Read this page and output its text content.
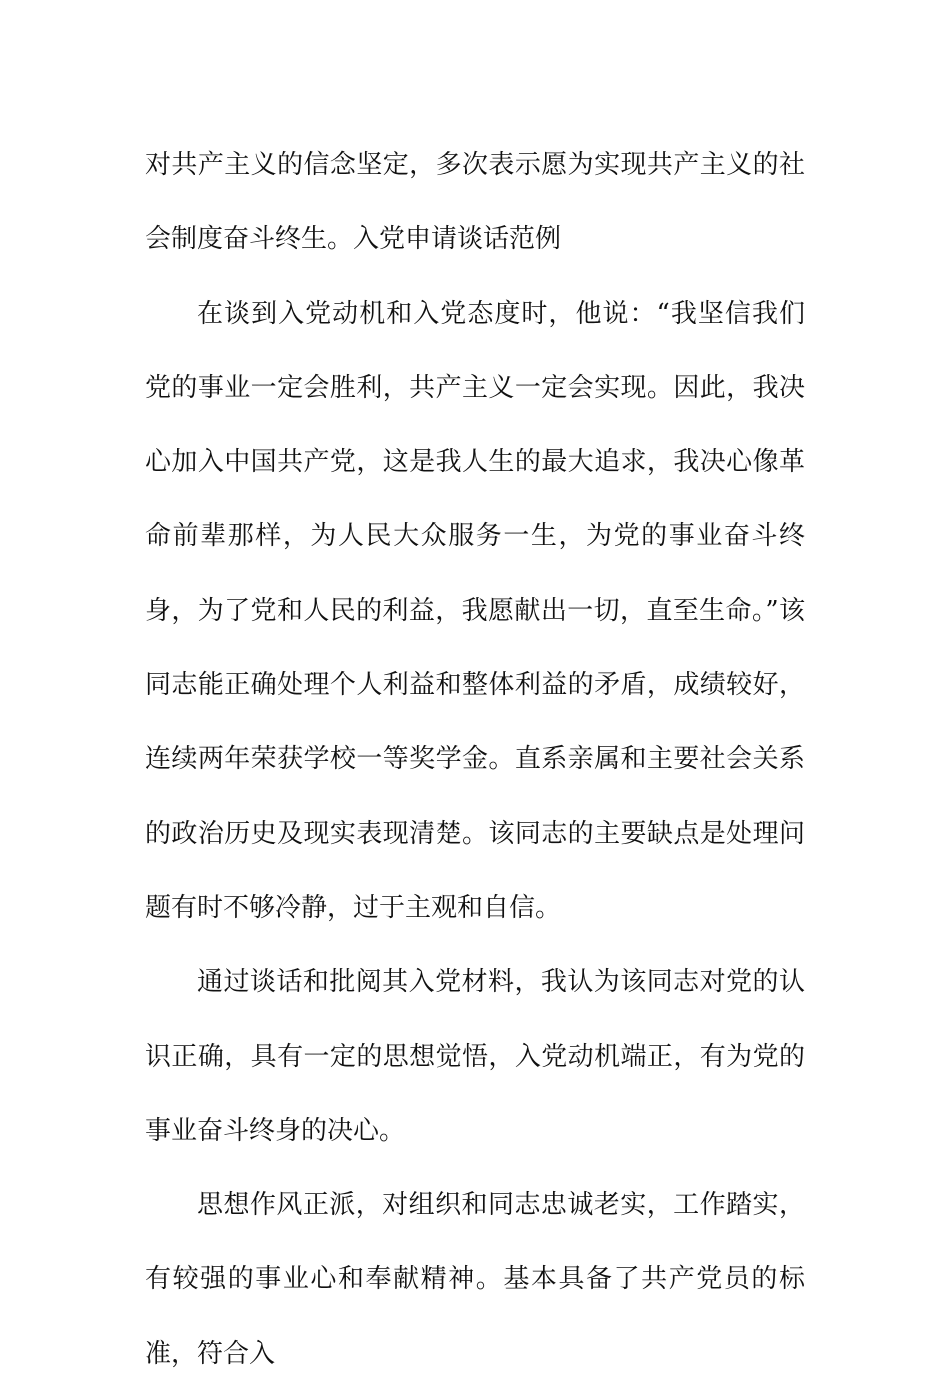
对共产主义的信念坚定，多次表示愿为实现共产主义的社会制度奋斗终生。入党申请谈话范例

在谈到入党动机和入党态度时，他说：“我坚信我们党的事业一定会胜利，共产主义一定会实现。因此，我决心加入中国共产党，这是我人生的最大追求，我决心像革命前辈那样，为人民大众服务一生，为党的事业奋斗终身，为了党和人民的利益，我愿献出一切，直至生命。”该同志能正确处理个人利益和整体利益的矛盾，成绩较好，连续两年荣获学校一等奖学金。直系亲属和主要社会关系的政治历史及现实表现清楚。该同志的主要缺点是处理问题有时不够冷静，过于主观和自信。

通过谈话和批阅其入党材料，我认为该同志对党的认识正确，具有一定的思想觉悟，入党动机端正，有为党的事业奋斗终身的决心。

思想作风正派，对组织和同志忠诚老实，工作踏实，有较强的事业心和奉献精神。基本具备了共产党员的标准，符合入
